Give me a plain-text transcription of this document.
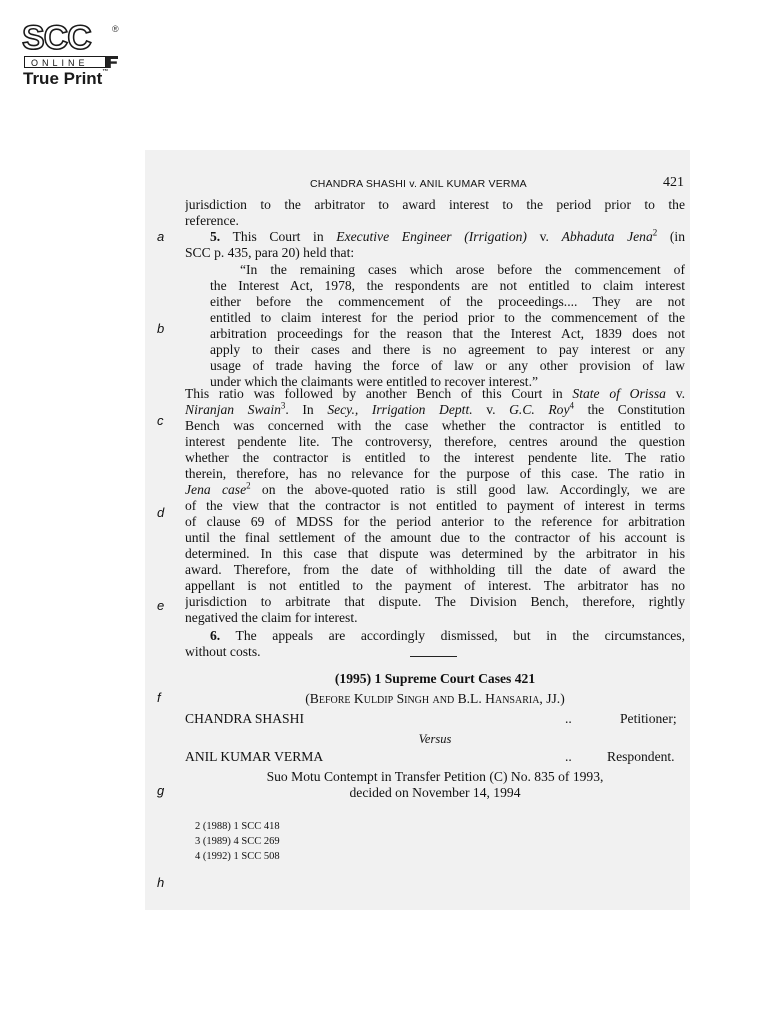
SCC ®
ONLINE
True Print™
CHANDRA SHASHI v. ANIL KUMAR VERMA	421
a
b
c
d
e
f
g
h
jurisdiction to the arbitrator to award interest to the period prior to the
reference.
5. This Court in Executive Engineer (Irrigation) v. Abhaduta Jena$^2$ (in
SCC p. 435, para 20) held that:
“In the remaining cases which arose before the commencement of
the Interest Act, 1978, the respondents are not entitled to claim interest
either before the commencement of the proceedings.... They are not
entitled to claim interest for the period prior to the commencement of the
arbitration proceedings for the reason that the Interest Act, 1839 does not
apply to their cases and there is no agreement to pay interest or any
usage of trade having the force of law or any other provision of law
under which the claimants were entitled to recover interest.”
This ratio was followed by another Bench of this Court in State of Orissa v.
Niranjan Swain$^3$. In Secy., Irrigation Deptt. v. G.C. Roy$^4$ the Constitution
Bench was concerned with the case whether the contractor is entitled to
interest pendente lite. The controversy, therefore, centres around the question
whether the contractor is entitled to the interest pendente lite. The ratio
therein, therefore, has no relevance for the purpose of this case. The ratio in
Jena case$^2$ on the above-quoted ratio is still good law. Accordingly, we are
of the view that the contractor is not entitled to payment of interest in terms
of clause 69 of MDSS for the period anterior to the reference for arbitration
until the final settlement of the amount due to the contractor of his account is
determined. In this case that dispute was determined by the arbitrator in his
award. Therefore, from the date of withholding till the date of award the
appellant is not entitled to the payment of interest. The arbitrator has no
jurisdiction to arbitrate that dispute. The Division Bench, therefore, rightly
negatived the claim for interest.
6. The appeals are accordingly dismissed, but in the circumstances,
without costs.
(1995) 1 Supreme Court Cases 421
(Before Kuldip Singh and B.L. Hansaria, JJ.)
CHANDRA SHASHI	..	Petitioner;
Versus
ANIL KUMAR VERMA	..	Respondent.
Suo Motu Contempt in Transfer Petition (C) No. 835 of 1993,
decided on November 14, 1994
2 (1988) 1 SCC 418
3 (1989) 4 SCC 269
4 (1992) 1 SCC 508
